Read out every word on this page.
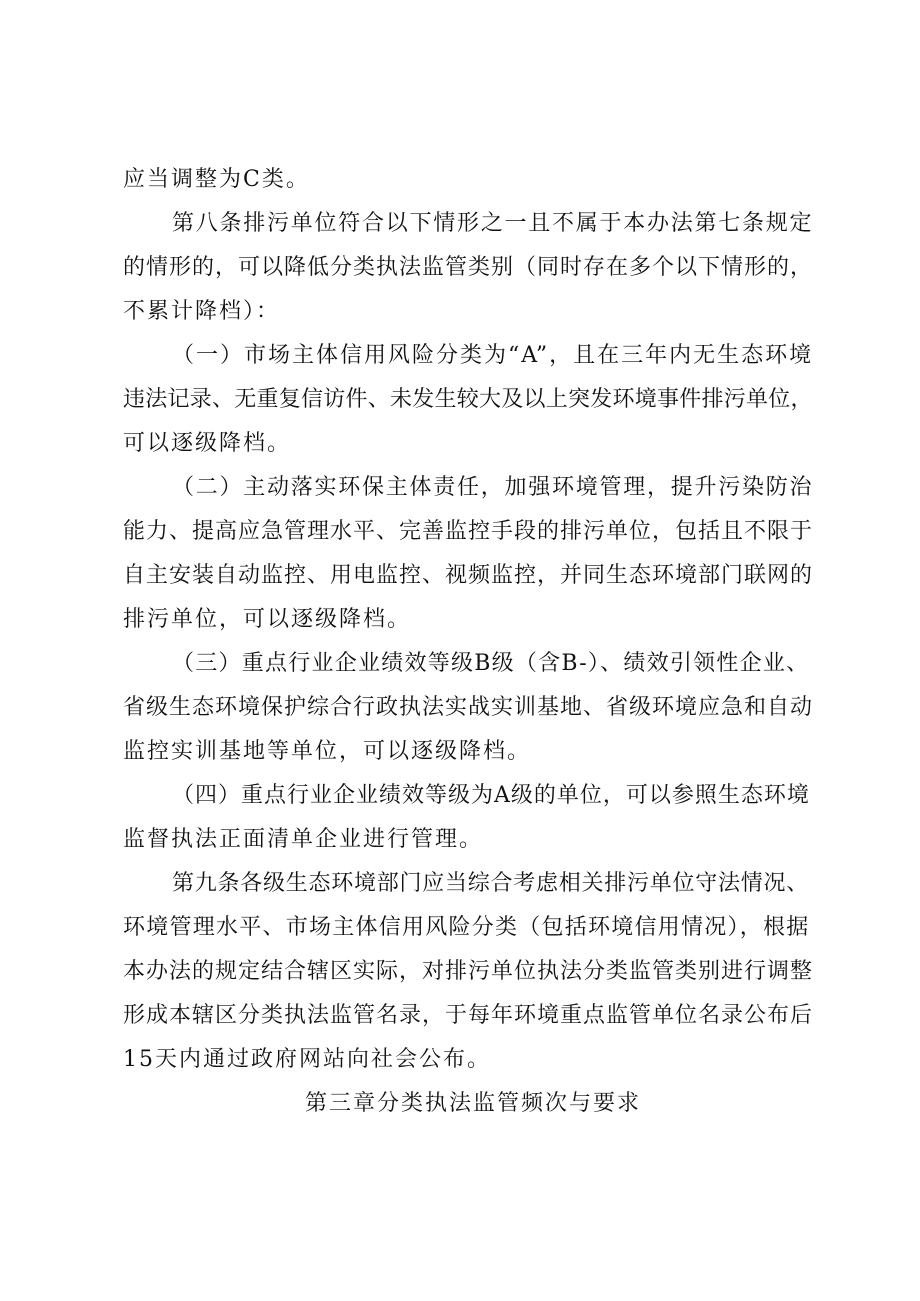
应当调整为C类。
第八条排污单位符合以下情形之一且不属于本办法第七条规定
的情形的，可以降低分类执法监管类别（同时存在多个以下情形的，
不累计降档）：
（一）市场主体信用风险分类为“A”，且在三年内无生态环境
违法记录、无重复信访件、未发生较大及以上突发环境事件排污单位，
可以逐级降档。
（二）主动落实环保主体责任，加强环境管理，提升污染防治
能力、提高应急管理水平、完善监控手段的排污单位，包括且不限于
自主安装自动监控、用电监控、视频监控，并同生态环境部门联网的
排污单位，可以逐级降档。
（三）重点行业企业绩效等级B级（含B-）、绩效引领性企业、
省级生态环境保护综合行政执法实战实训基地、省级环境应急和自动
监控实训基地等单位，可以逐级降档。
（四）重点行业企业绩效等级为A级的单位，可以参照生态环境
监督执法正面清单企业进行管理。
第九条各级生态环境部门应当综合考虑相关排污单位守法情况、
环境管理水平、市场主体信用风险分类（包括环境信用情况），根据
本办法的规定结合辖区实际，对排污单位执法分类监管类别进行调整
形成本辖区分类执法监管名录，于每年环境重点监管单位名录公布后
15天内通过政府网站向社会公布。
第三章分类执法监管频次与要求
